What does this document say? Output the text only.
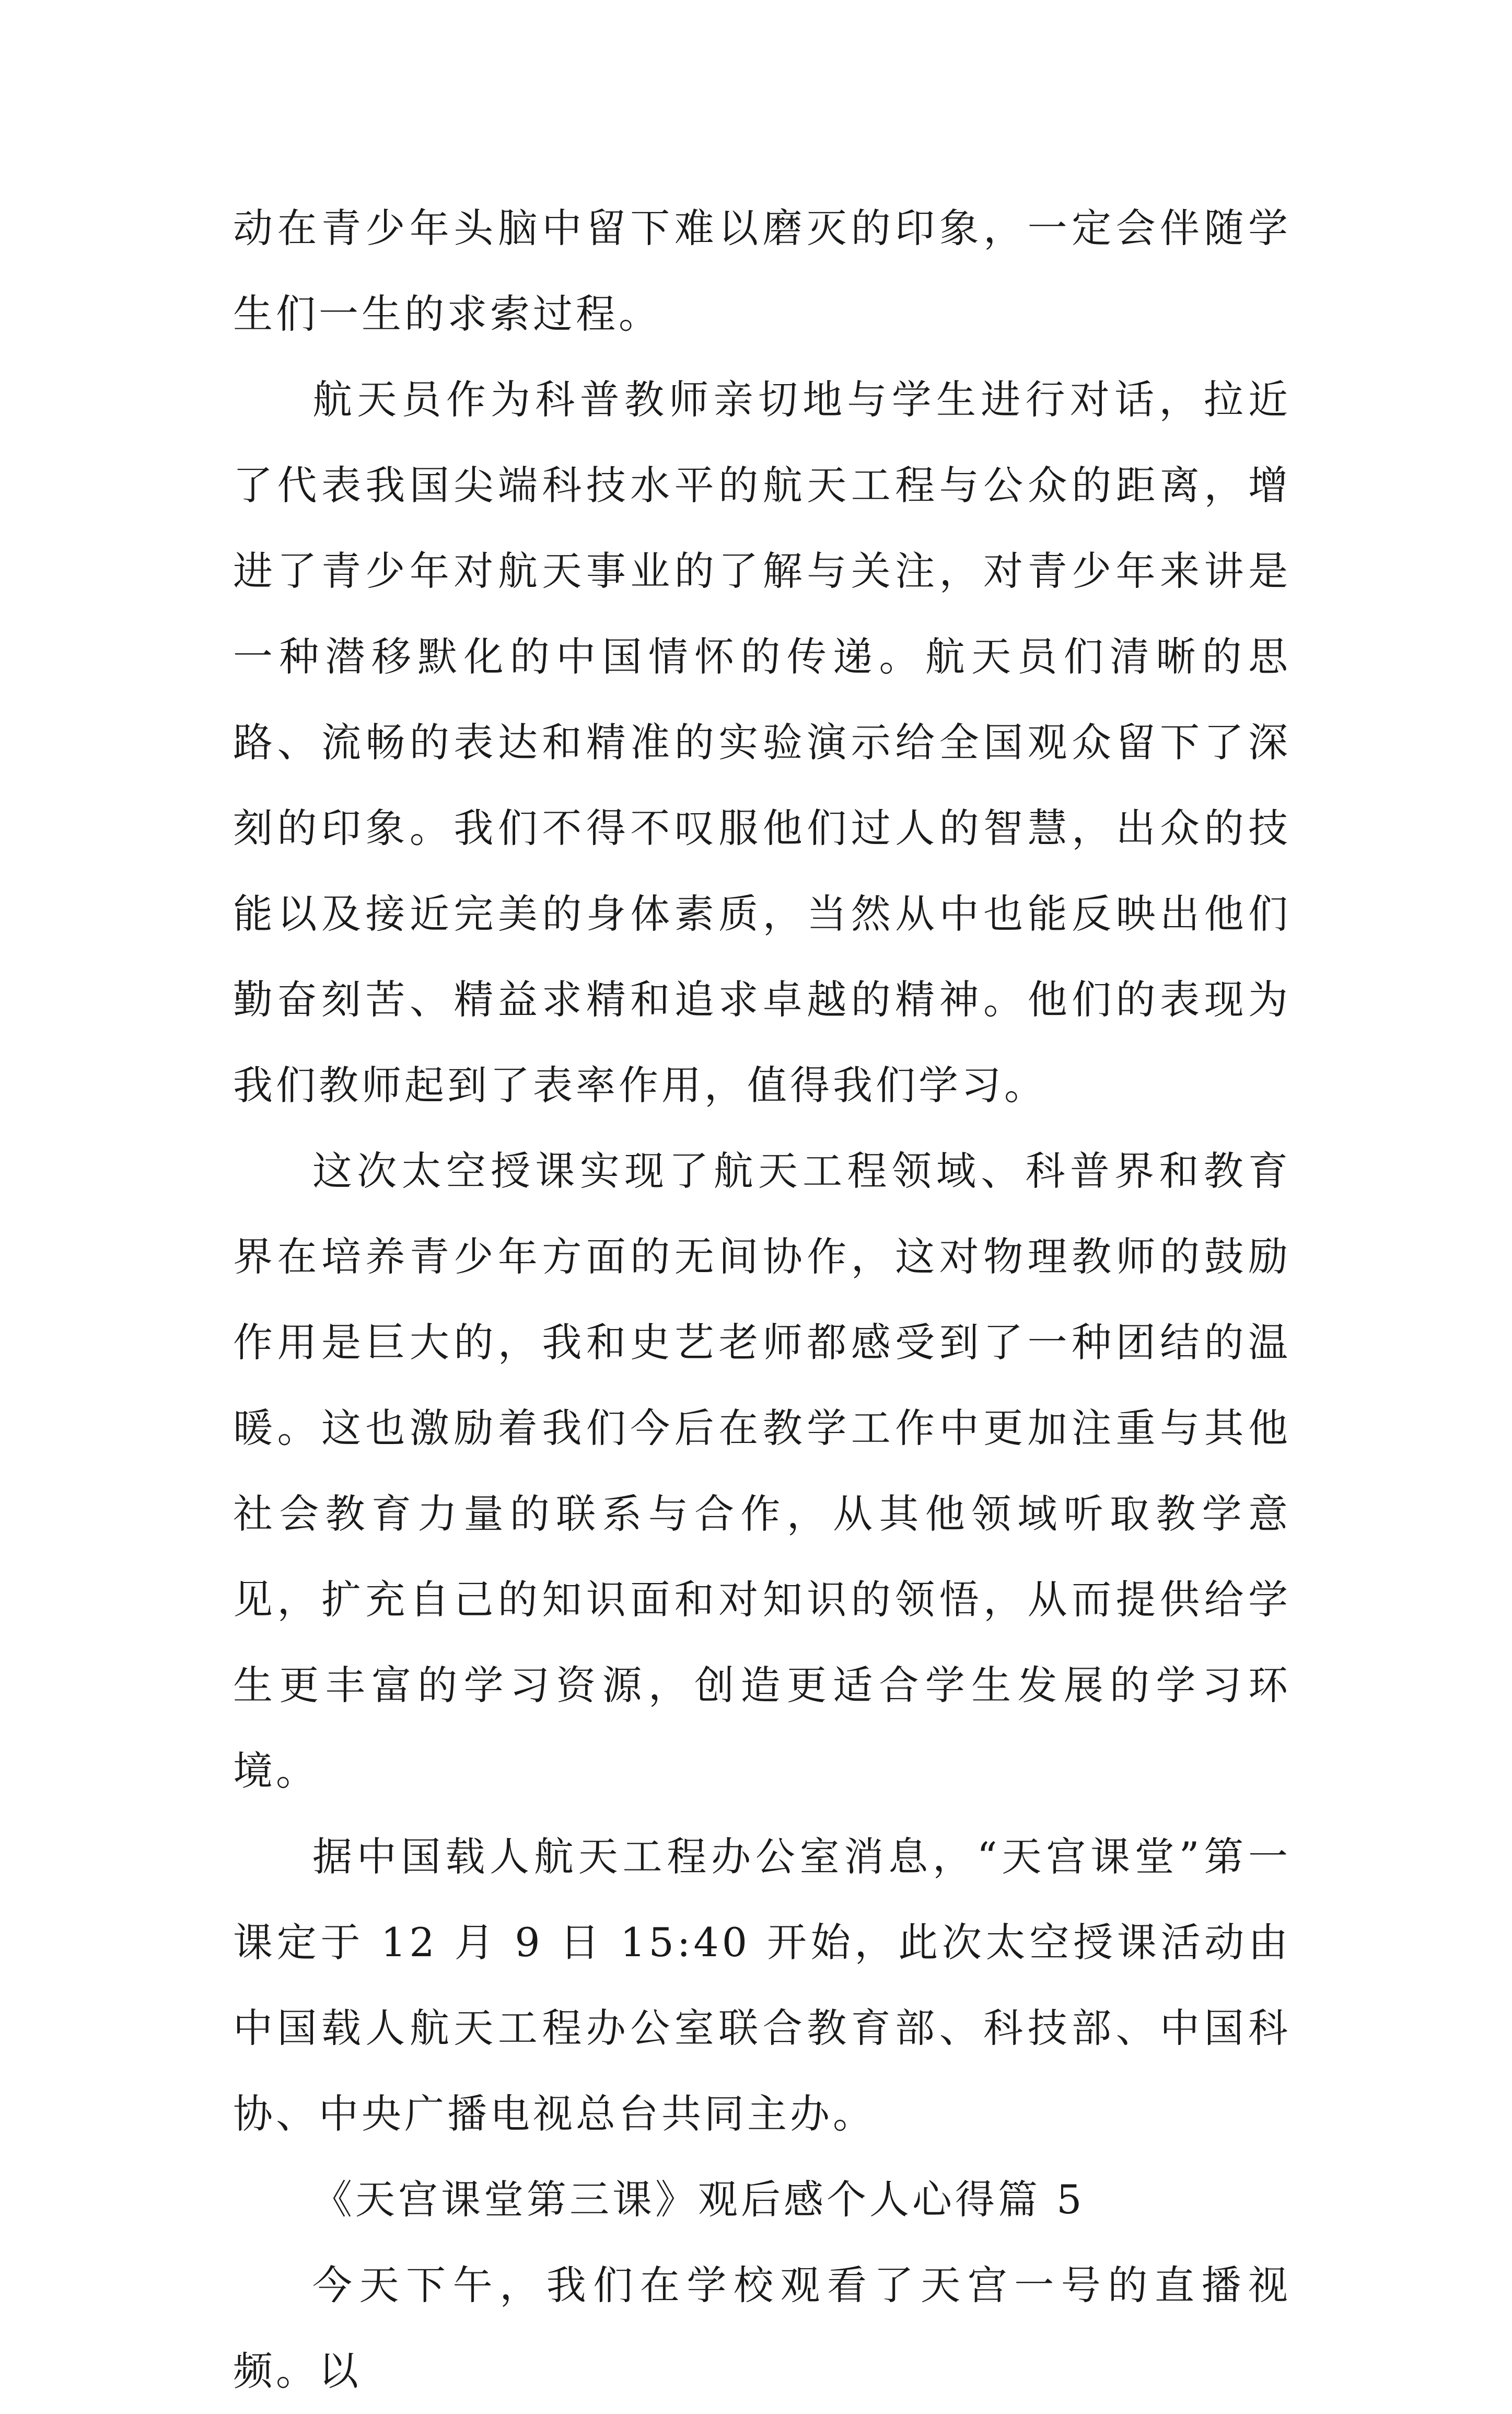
动在青少年头脑中留下难以磨灭的印象，一定会伴随学生们一生的求索过程。

航天员作为科普教师亲切地与学生进行对话，拉近了代表我国尖端科技水平的航天工程与公众的距离，增进了青少年对航天事业的了解与关注，对青少年来讲是一种潜移默化的中国情怀的传递。航天员们清晰的思路、流畅的表达和精准的实验演示给全国观众留下了深刻的印象。我们不得不叹服他们过人的智慧，出众的技能以及接近完美的身体素质，当然从中也能反映出他们勤奋刻苦、精益求精和追求卓越的精神。他们的表现为我们教师起到了表率作用，值得我们学习。

这次太空授课实现了航天工程领域、科普界和教育界在培养青少年方面的无间协作，这对物理教师的鼓励作用是巨大的，我和史艺老师都感受到了一种团结的温暖。这也激励着我们今后在教学工作中更加注重与其他社会教育力量的联系与合作，从其他领域听取教学意见，扩充自己的知识面和对知识的领悟，从而提供给学生更丰富的学习资源，创造更适合学生发展的学习环境。

据中国载人航天工程办公室消息，“天宫课堂”第一课定于 12 月 9 日 15:40 开始，此次太空授课活动由中国载人航天工程办公室联合教育部、科技部、中国科协、中央广播电视总台共同主办。

《天宫课堂第三课》观后感个人心得篇 5

今天下午，我们在学校观看了天宫一号的直播视频。以
